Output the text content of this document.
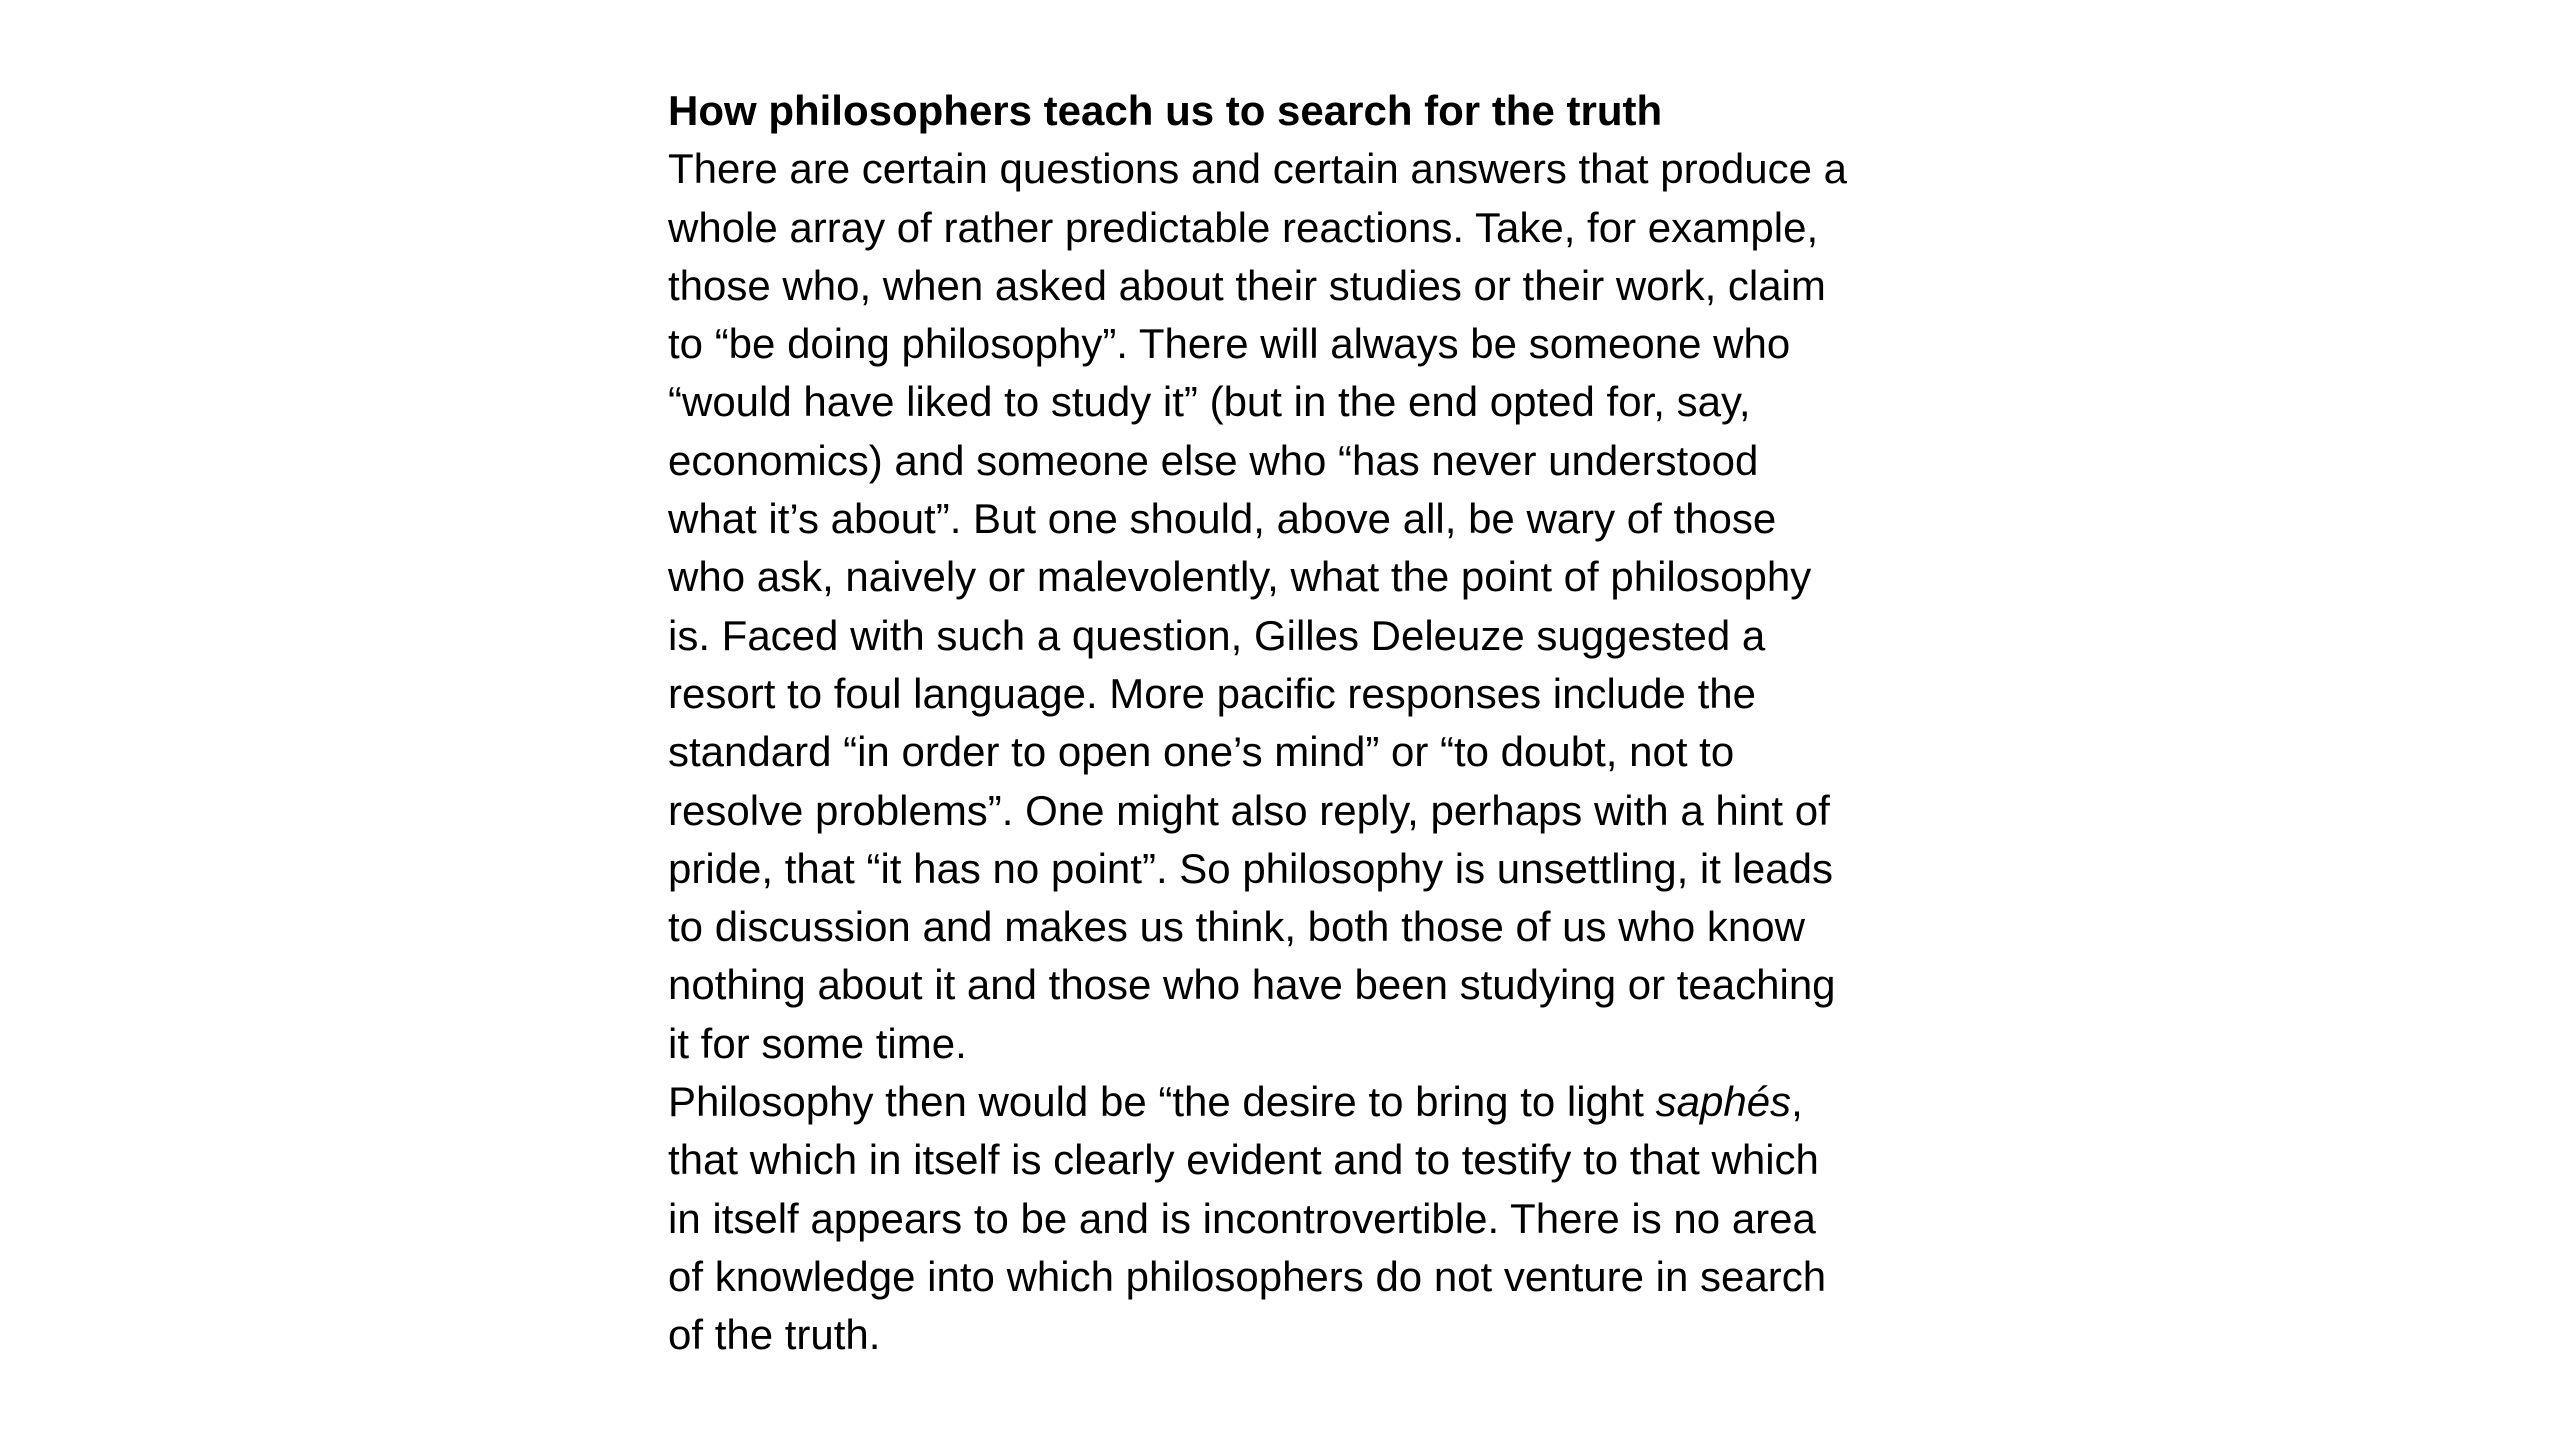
How philosophers teach us to search for the truth
There are certain questions and certain answers that produce a
whole array of rather predictable reactions. Take, for example,
those who, when asked about their studies or their work, claim
to “be doing philosophy”. There will always be someone who
“would have liked to study it” (but in the end opted for, say,
economics) and someone else who “has never understood
what it’s about”. But one should, above all, be wary of those
who ask, naively or malevolently, what the point of philosophy
is. Faced with such a question, Gilles Deleuze suggested a
resort to foul language. More pacific responses include the
standard “in order to open one’s mind” or “to doubt, not to
resolve problems”. One might also reply, perhaps with a hint of
pride, that “it has no point”. So philosophy is unsettling, it leads
to discussion and makes us think, both those of us who know
nothing about it and those who have been studying or teaching
it for some time.
Philosophy then would be “the desire to bring to light saphés,
that which in itself is clearly evident and to testify to that which
in itself appears to be and is incontrovertible. There is no area
of knowledge into which philosophers do not venture in search
of the truth.
